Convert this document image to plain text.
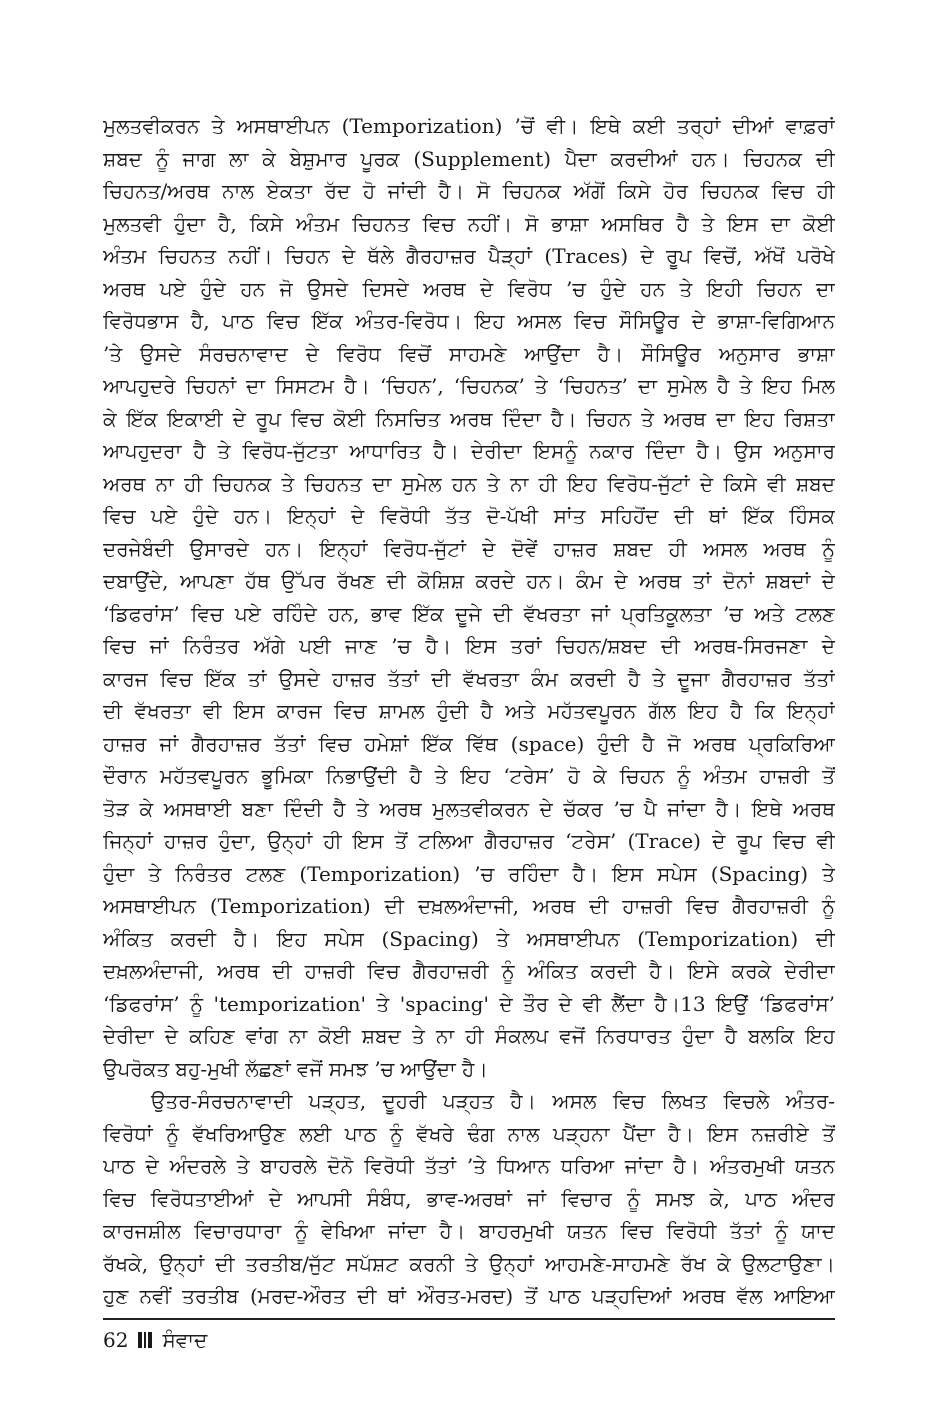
ਮੁਲਤਵੀਕਰਨ ਤੇ ਅਸਥਾਈਪਨ (Temporization) ’ਚੋਂ ਵੀ। ਇਥੇ ਕਈ ਤਰ੍ਹਾਂ ਦੀਆਂ ਵਾਫ਼ਰਾਂ
ਸ਼ਬਦ ਨੂੰ ਜਾਗ ਲਾ ਕੇ ਬੇਸ਼ੁਮਾਰ ਪੂਰਕ (Supplement) ਪੈਦਾ ਕਰਦੀਆਂ ਹਨ। ਚਿਹਨਕ ਦੀ
ਚਿਹਨਤ/ਅਰਥ ਨਾਲ ਏਕਤਾ ਰੱਦ ਹੋ ਜਾਂਦੀ ਹੈ। ਸੋ ਚਿਹਨਕ ਅੱਗੋਂ ਕਿਸੇ ਹੋਰ ਚਿਹਨਕ ਵਿਚ ਹੀ
ਮੁਲਤਵੀ ਹੁੰਦਾ ਹੈ, ਕਿਸੇ ਅੰਤਮ ਚਿਹਨਤ ਵਿਚ ਨਹੀਂ। ਸੋ ਭਾਸ਼ਾ ਅਸਥਿਰ ਹੈ ਤੇ ਇਸ ਦਾ ਕੋਈ
ਅੰਤਮ ਚਿਹਨਤ ਨਹੀਂ। ਚਿਹਨ ਦੇ ਥੱਲੇ ਗੈਰਹਾਜ਼ਰ ਪੈੜ੍ਹਾਂ (Traces) ਦੇ ਰੂਪ ਵਿਚੋਂ, ਅੱਖੋਂ ਪਰੋਖੇ
ਅਰਥ ਪਏ ਹੁੰਦੇ ਹਨ ਜੋ ਉਸਦੇ ਦਿਸਦੇ ਅਰਥ ਦੇ ਵਿਰੋਧ ’ਚ ਹੁੰਦੇ ਹਨ ਤੇ ਇਹੀ ਚਿਹਨ ਦਾ
ਵਿਰੋਧਭਾਸ ਹੈ, ਪਾਠ ਵਿਚ ਇੱਕ ਅੰਤਰ-ਵਿਰੋਧ। ਇਹ ਅਸਲ ਵਿਚ ਸੌਸਿਊਰ ਦੇ ਭਾਸ਼ਾ-ਵਿਗਿਆਨ
’ਤੇ ਉਸਦੇ ਸੰਰਚਨਾਵਾਦ ਦੇ ਵਿਰੋਧ ਵਿਚੋਂ ਸਾਹਮਣੇ ਆਉਂਦਾ ਹੈ। ਸੌਸਿਊਰ ਅਨੁਸਾਰ ਭਾਸ਼ਾ
ਆਪਹੁਦਰੇ ਚਿਹਨਾਂ ਦਾ ਸਿਸਟਮ ਹੈ। ‘ਚਿਹਨ’, ‘ਚਿਹਨਕ’ ਤੇ ‘ਚਿਹਨਤ’ ਦਾ ਸੁਮੇਲ ਹੈ ਤੇ ਇਹ ਮਿਲ
ਕੇ ਇੱਕ ਇਕਾਈ ਦੇ ਰੂਪ ਵਿਚ ਕੋਈ ਨਿਸਚਿਤ ਅਰਥ ਦਿੰਦਾ ਹੈ। ਚਿਹਨ ਤੇ ਅਰਥ ਦਾ ਇਹ ਰਿਸ਼ਤਾ
ਆਪਹੁਦਰਾ ਹੈ ਤੇ ਵਿਰੋਧ-ਜੁੱਟਤਾ ਆਧਾਰਿਤ ਹੈ। ਦੇਰੀਦਾ ਇਸਨੂੰ ਨਕਾਰ ਦਿੰਦਾ ਹੈ। ਉਸ ਅਨੁਸਾਰ
ਅਰਥ ਨਾ ਹੀ ਚਿਹਨਕ ਤੇ ਚਿਹਨਤ ਦਾ ਸੁਮੇਲ ਹਨ ਤੇ ਨਾ ਹੀ ਇਹ ਵਿਰੋਧ-ਜੁੱਟਾਂ ਦੇ ਕਿਸੇ ਵੀ ਸ਼ਬਦ
ਵਿਚ ਪਏ ਹੁੰਦੇ ਹਨ। ਇਨ੍ਹਾਂ ਦੇ ਵਿਰੋਧੀ ਤੱਤ ਦੋ-ਪੱਖੀ ਸਾਂਤ ਸਹਿਹੋਂਦ ਦੀ ਥਾਂ ਇੱਕ ਹਿੰਸਕ
ਦਰਜੇਬੰਦੀ ਉਸਾਰਦੇ ਹਨ। ਇਨ੍ਹਾਂ ਵਿਰੋਧ-ਜੁੱਟਾਂ ਦੇ ਦੋਵੇਂ ਹਾਜ਼ਰ ਸ਼ਬਦ ਹੀ ਅਸਲ ਅਰਥ ਨੂੰ
ਦਬਾਉਂਦੇ, ਆਪਣਾ ਹੱਥ ਉੱਪਰ ਰੱਖਣ ਦੀ ਕੋਸ਼ਿਸ਼ ਕਰਦੇ ਹਨ। ਕੰਮ ਦੇ ਅਰਥ ਤਾਂ ਦੋਨਾਂ ਸ਼ਬਦਾਂ ਦੇ
‘ਡਿਫਰਾਂਸ’ ਵਿਚ ਪਏ ਰਹਿੰਦੇ ਹਨ, ਭਾਵ ਇੱਕ ਦੂਜੇ ਦੀ ਵੱਖਰਤਾ ਜਾਂ ਪ੍ਰਤਿਕੂਲਤਾ ’ਚ ਅਤੇ ਟਲਣ
ਵਿਚ ਜਾਂ ਨਿਰੰਤਰ ਅੱਗੇ ਪਈ ਜਾਣ ’ਚ ਹੈ। ਇਸ ਤਰਾਂ ਚਿਹਨ/ਸ਼ਬਦ ਦੀ ਅਰਥ-ਸਿਰਜਣਾ ਦੇ
ਕਾਰਜ ਵਿਚ ਇੱਕ ਤਾਂ ਉਸਦੇ ਹਾਜ਼ਰ ਤੱਤਾਂ ਦੀ ਵੱਖਰਤਾ ਕੰਮ ਕਰਦੀ ਹੈ ਤੇ ਦੂਜਾ ਗੈਰਹਾਜ਼ਰ ਤੱਤਾਂ
ਦੀ ਵੱਖਰਤਾ ਵੀ ਇਸ ਕਾਰਜ ਵਿਚ ਸ਼ਾਮਲ ਹੁੰਦੀ ਹੈ ਅਤੇ ਮਹੱਤਵਪੂਰਨ ਗੱਲ ਇਹ ਹੈ ਕਿ ਇਨ੍ਹਾਂ
ਹਾਜ਼ਰ ਜਾਂ ਗੈਰਹਾਜ਼ਰ ਤੱਤਾਂ ਵਿਚ ਹਮੇਸ਼ਾਂ ਇੱਕ ਵਿੱਥ (space) ਹੁੰਦੀ ਹੈ ਜੋ ਅਰਥ ਪ੍ਰਕਿਰਿਆ
ਦੌਰਾਨ ਮਹੱਤਵਪੂਰਨ ਭੂਮਿਕਾ ਨਿਭਾਉਂਦੀ ਹੈ ਤੇ ਇਹ ‘ਟਰੇਸ’ ਹੋ ਕੇ ਚਿਹਨ ਨੂੰ ਅੰਤਮ ਹਾਜ਼ਰੀ ਤੋਂ
ਤੋੜ ਕੇ ਅਸਥਾਈ ਬਣਾ ਦਿੰਦੀ ਹੈ ਤੇ ਅਰਥ ਮੁਲਤਵੀਕਰਨ ਦੇ ਚੱਕਰ ’ਚ ਪੈ ਜਾਂਦਾ ਹੈ। ਇਥੇ ਅਰਥ
ਜਿਨ੍ਹਾਂ ਹਾਜ਼ਰ ਹੁੰਦਾ, ਉਨ੍ਹਾਂ ਹੀ ਇਸ ਤੋਂ ਟਲਿਆ ਗੈਰਹਾਜ਼ਰ ‘ਟਰੇਸ’ (Trace) ਦੇ ਰੂਪ ਵਿਚ ਵੀ
ਹੁੰਦਾ ਤੇ ਨਿਰੰਤਰ ਟਲਣ (Temporization) ’ਚ ਰਹਿੰਦਾ ਹੈ। ਇਸ ਸਪੇਸ (Spacing) ਤੇ
ਅਸਥਾਈਪਨ (Temporization) ਦੀ ਦਖ਼ਲਅੰਦਾਜੀ, ਅਰਥ ਦੀ ਹਾਜ਼ਰੀ ਵਿਚ ਗੈਰਹਾਜ਼ਰੀ ਨੂੰ
ਅੰਕਿਤ ਕਰਦੀ ਹੈ। ਇਹ ਸਪੇਸ (Spacing) ਤੇ ਅਸਥਾਈਪਨ (Temporization) ਦੀ
ਦਖ਼ਲਅੰਦਾਜੀ, ਅਰਥ ਦੀ ਹਾਜ਼ਰੀ ਵਿਚ ਗੈਰਹਾਜ਼ਰੀ ਨੂੰ ਅੰਕਿਤ ਕਰਦੀ ਹੈ। ਇਸੇ ਕਰਕੇ ਦੇਰੀਦਾ
‘ਡਿਫਰਾਂਸ’ ਨੂੰ 'temporization' ਤੇ 'spacing' ਦੇ ਤੌਰ ਦੇ ਵੀ ਲੈਂਦਾ ਹੈ।13 ਇਉਂ ‘ਡਿਫਰਾਂਸ’
ਦੇਰੀਦਾ ਦੇ ਕਹਿਣ ਵਾਂਗ ਨਾ ਕੋਈ ਸ਼ਬਦ ਤੇ ਨਾ ਹੀ ਸੰਕਲਪ ਵਜੋਂ ਨਿਰਧਾਰਤ ਹੁੰਦਾ ਹੈ ਬਲਕਿ ਇਹ
ਉਪਰੋਕਤ ਬਹੁ-ਮੁਖੀ ਲੱਛਣਾਂ ਵਜੋਂ ਸਮਝ ’ਚ ਆਉਂਦਾ ਹੈ।
ਉਤਰ-ਸੰਰਚਨਾਵਾਦੀ ਪੜ੍ਹਤ, ਦੂਹਰੀ ਪੜ੍ਹਤ ਹੈ। ਅਸਲ ਵਿਚ ਲਿਖਤ ਵਿਚਲੇ ਅੰਤਰ-
ਵਿਰੋਧਾਂ ਨੂੰ ਵੱਖਰਿਆਉਣ ਲਈ ਪਾਠ ਨੂੰ ਵੱਖਰੇ ਢੰਗ ਨਾਲ ਪੜ੍ਹਨਾ ਪੈਂਦਾ ਹੈ। ਇਸ ਨਜ਼ਰੀਏ ਤੋਂ
ਪਾਠ ਦੇ ਅੰਦਰਲੇ ਤੇ ਬਾਹਰਲੇ ਦੋਨੋ ਵਿਰੋਧੀ ਤੱਤਾਂ ’ਤੇ ਧਿਆਨ ਧਰਿਆ ਜਾਂਦਾ ਹੈ। ਅੰਤਰਮੁਖੀ ਯਤਨ
ਵਿਚ ਵਿਰੋਧਤਾਈਆਂ ਦੇ ਆਪਸੀ ਸੰਬੰਧ, ਭਾਵ-ਅਰਥਾਂ ਜਾਂ ਵਿਚਾਰ ਨੂੰ ਸਮਝ ਕੇ, ਪਾਠ ਅੰਦਰ
ਕਾਰਜਸ਼ੀਲ ਵਿਚਾਰਧਾਰਾ ਨੂੰ ਵੇਖਿਆ ਜਾਂਦਾ ਹੈ। ਬਾਹਰਮੁਖੀ ਯਤਨ ਵਿਚ ਵਿਰੋਧੀ ਤੱਤਾਂ ਨੂੰ ਯਾਦ
ਰੱਖਕੇ, ਉਨ੍ਹਾਂ ਦੀ ਤਰਤੀਬ/ਜੁੱਟ ਸਪੱਸ਼ਟ ਕਰਨੀ ਤੇ ਉਨ੍ਹਾਂ ਆਹਮਣੇ-ਸਾਹਮਣੇ ਰੱਖ ਕੇ ਉਲਟਾਉਣਾ।
ਹੁਣ ਨਵੀਂ ਤਰਤੀਬ (ਮਰਦ-ਔਰਤ ਦੀ ਥਾਂ ਔਰਤ-ਮਰਦ) ਤੋਂ ਪਾਠ ਪੜ੍ਹਦਿਆਂ ਅਰਥ ਵੱਲ ਆਇਆ
62 ਸੰਵਾਦ
